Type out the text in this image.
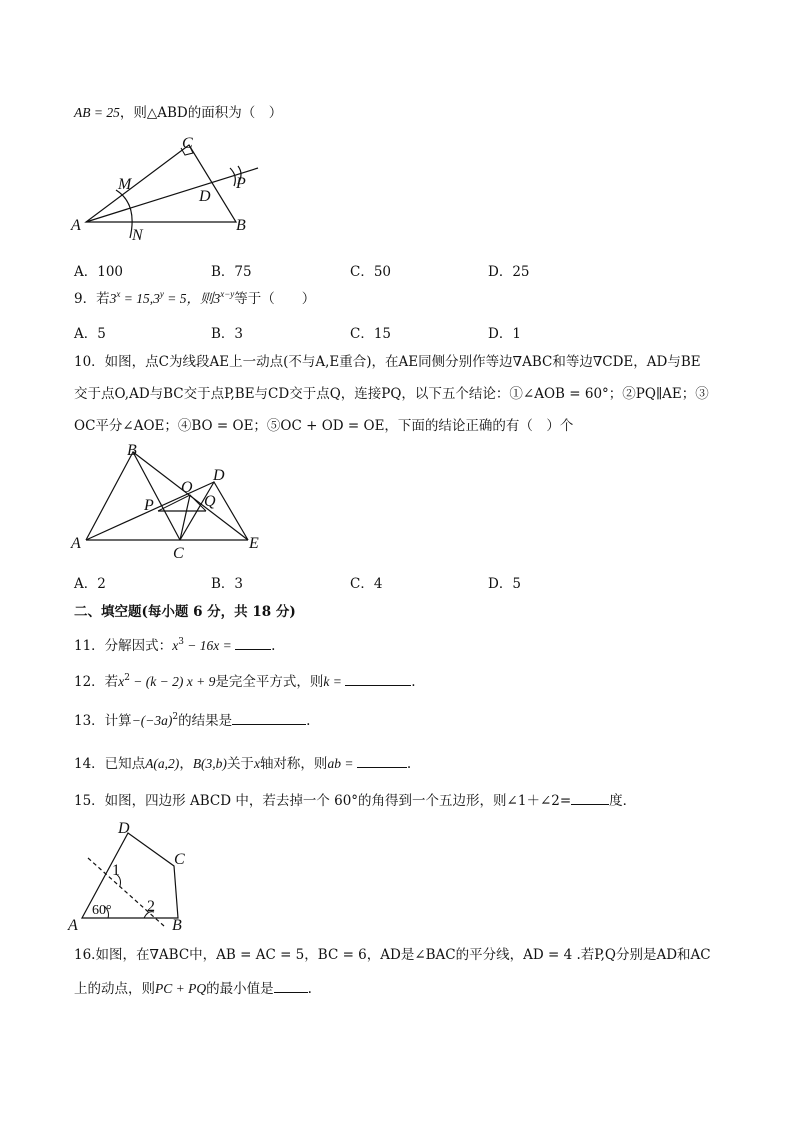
AB = 25，则△ABD的面积为（　）
A	B
C
D
M
N
P
A．100	B．75	C．50	D．25
9．若$3^x = 15,3^y = 5$，则$3^{x-y}$等于（　　）
A．5	B．3	C．15	D．1
10．如图，点C为线段AE上一动点(不与A,E重合)，在AE同侧分别作等边∇ABC和等边∇CDE，AD与BE
交于点O,AD与BC交于点P,BE与CD交于点Q，连接PQ，以下五个结论：①∠AOB = 60°；②PQ∥AE；③
OC平分∠AOE；④BO = OE；⑤OC + OD = OE，下面的结论正确的有（　）个
A
B
C
D
E
O
P	Q
A．2	B．3	C．4	D．5
二、填空题(每小题 6 分，共 18 分)
11．分解因式：$x^3 - 16x$ =	.
12．若$x^2 - (k - 2) x + 9$是完全平方式，则k =	.
13．计算$-(-3a)^2$的结果是	.
14．已知点A(a,2)，B(3,b)关于x轴对称，则ab =	.
15．如图，四边形 ABCD 中，若去掉一个 60°的角得到一个五边形，则∠1＋∠2=	度．
A	B
C
D
1
2
60°
16.如图，在∇ABC中，AB = AC = 5，BC = 6，AD是∠BAC的平分线，AD = 4 .若P,Q分别是AD和AC
上的动点，则PC + PQ的最小值是	.
